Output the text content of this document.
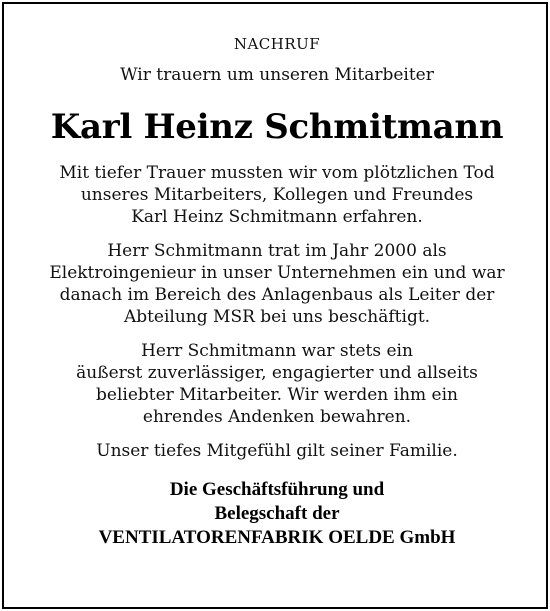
NACHRUF

Wir trauern um unseren Mitarbeiter

Karl Heinz Schmitmann

Mit tiefer Trauer mussten wir vom plötzlichen Tod
unseres Mitarbeiters, Kollegen und Freundes
Karl Heinz Schmitmann erfahren.

Herr Schmitmann trat im Jahr 2000 als
Elektroingenieur in unser Unternehmen ein und war
danach im Bereich des Anlagenbaus als Leiter der
Abteilung MSR bei uns beschäftigt.

Herr Schmitmann war stets ein
äußerst zuverlässiger, engagierter und allseits
beliebter Mitarbeiter. Wir werden ihm ein
ehrendes Andenken bewahren.

Unser tiefes Mitgefühl gilt seiner Familie.

Die Geschäftsführung und
Belegschaft der
VENTILATORENFABRIK OELDE GmbH
